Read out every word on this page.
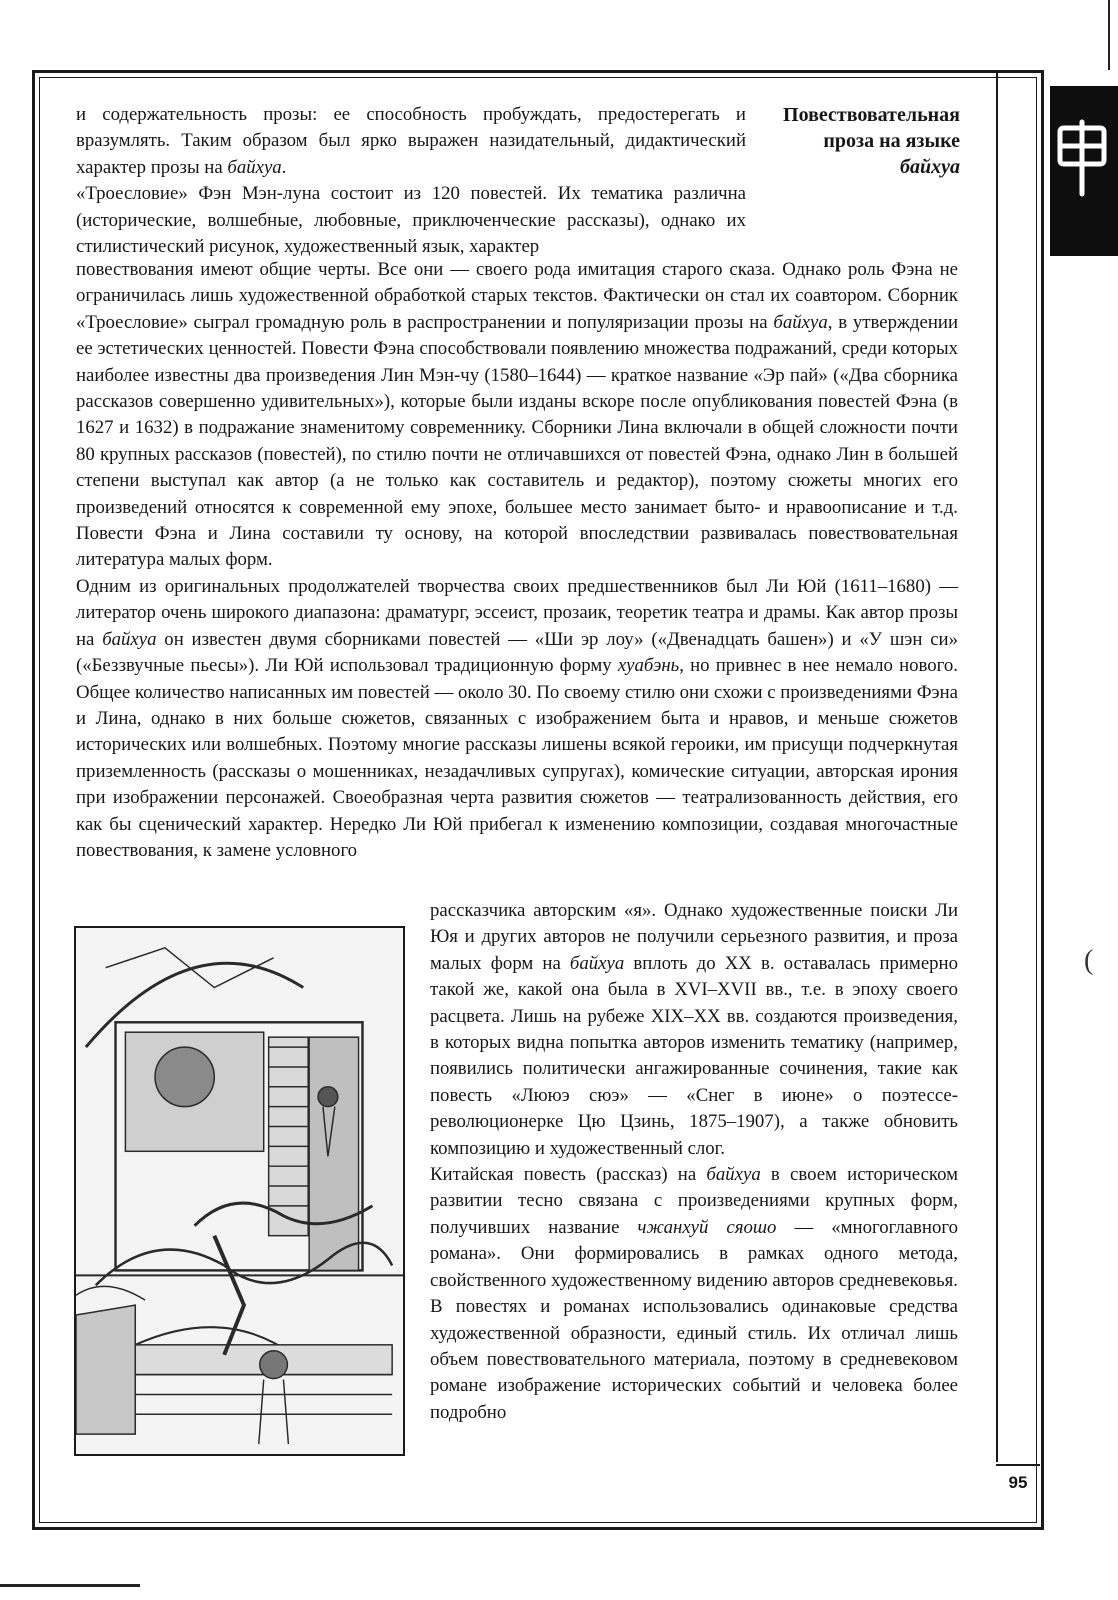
(
Повествовательная
проза на языке
байхуа

и содержательность прозы: ее способность пробуждать, предостерегать и вразумлять. Таким образом был ярко выражен назидательный, дидактический характер прозы на байхуа.

«Троесловие» Фэн Мэн-луна состоит из 120 повестей. Их тематика различна (исторические, волшебные, любовные, приключенческие рассказы), однако их стилистический рисунок, художественный язык, характер

повествования имеют общие черты. Все они — своего рода имитация старого сказа. Однако роль Фэна не ограничилась лишь художественной обработкой старых текстов. Фактически он стал их соавтором. Сборник «Троесловие» сыграл громадную роль в распространении и популяризации прозы на байхуа, в утверждении ее эстетических ценностей. Повести Фэна способствовали появлению множества подражаний, среди которых наиболее известны два произведения Лин Мэн-чу (1580–1644) — краткое название «Эр пай» («Два сборника рассказов совершенно удивительных»), которые были изданы вскоре после опубликования повестей Фэна (в 1627 и 1632) в подражание знаменитому современнику. Сборники Лина включали в общей сложности почти 80 крупных рассказов (повестей), по стилю почти не отличавшихся от повестей Фэна, однако Лин в большей степени выступал как автор (а не только как составитель и редактор), поэтому сюжеты многих его произведений относятся к современной ему эпохе, большее место занимает быто- и нравоописание и т.д. Повести Фэна и Лина составили ту основу, на которой впоследствии развивалась повествовательная литература малых форм.

Одним из оригинальных продолжателей творчества своих предшественников был Ли Юй (1611–1680) — литератор очень широкого диапазона: драматург, эссеист, прозаик, теоретик театра и драмы. Как автор прозы на байхуа он известен двумя сборниками повестей — «Ши эр лоу» («Двенадцать башен») и «У шэн си» («Беззвучные пьесы»). Ли Юй использовал традиционную форму хуабэнь, но привнес в нее немало нового. Общее количество написанных им повестей — около 30. По своему стилю они схожи с произведениями Фэна и Лина, однако в них больше сюжетов, связанных с изображением быта и нравов, и меньше сюжетов исторических или волшебных. Поэтому многие рассказы лишены всякой героики, им присущи подчеркнутая приземленность (рассказы о мошенниках, незадачливых супругах), комические ситуации, авторская ирония при изображении персонажей. Своеобразная черта развития сюжетов — театрализованность действия, его как бы сценический характер. Нередко Ли Юй прибегал к изменению композиции, создавая многочастные повествования, к замене условного

рассказчика авторским «я». Однако художественные поиски Ли Юя и других авторов не получили серьезного развития, и проза малых форм на байхуа вплоть до XX в. оставалась примерно такой же, какой она была в XVI–XVII вв., т.е. в эпоху своего расцвета. Лишь на рубеже XIX–XX вв. создаются произведения, в которых видна попытка авторов изменить тематику (например, появились политически ангажированные сочинения, такие как повесть «Лююэ сюэ» — «Снег в июне» о поэтессе-революционерке Цю Цзинь, 1875–1907), а также обновить композицию и художественный слог.

Китайская повесть (рассказ) на байхуа в своем историческом развитии тесно связана с произведениями крупных форм, получивших название чжанхуй сяошо — «многоглавного романа». Они формировались в рамках одного метода, свойственного художественному видению авторов средневековья. В повестях и романах использовались одинаковые средства художественной образности, единый стиль. Их отличал лишь объем повествовательного материала, поэтому в средневековом романе изображение исторических событий и человека более подробно

95
